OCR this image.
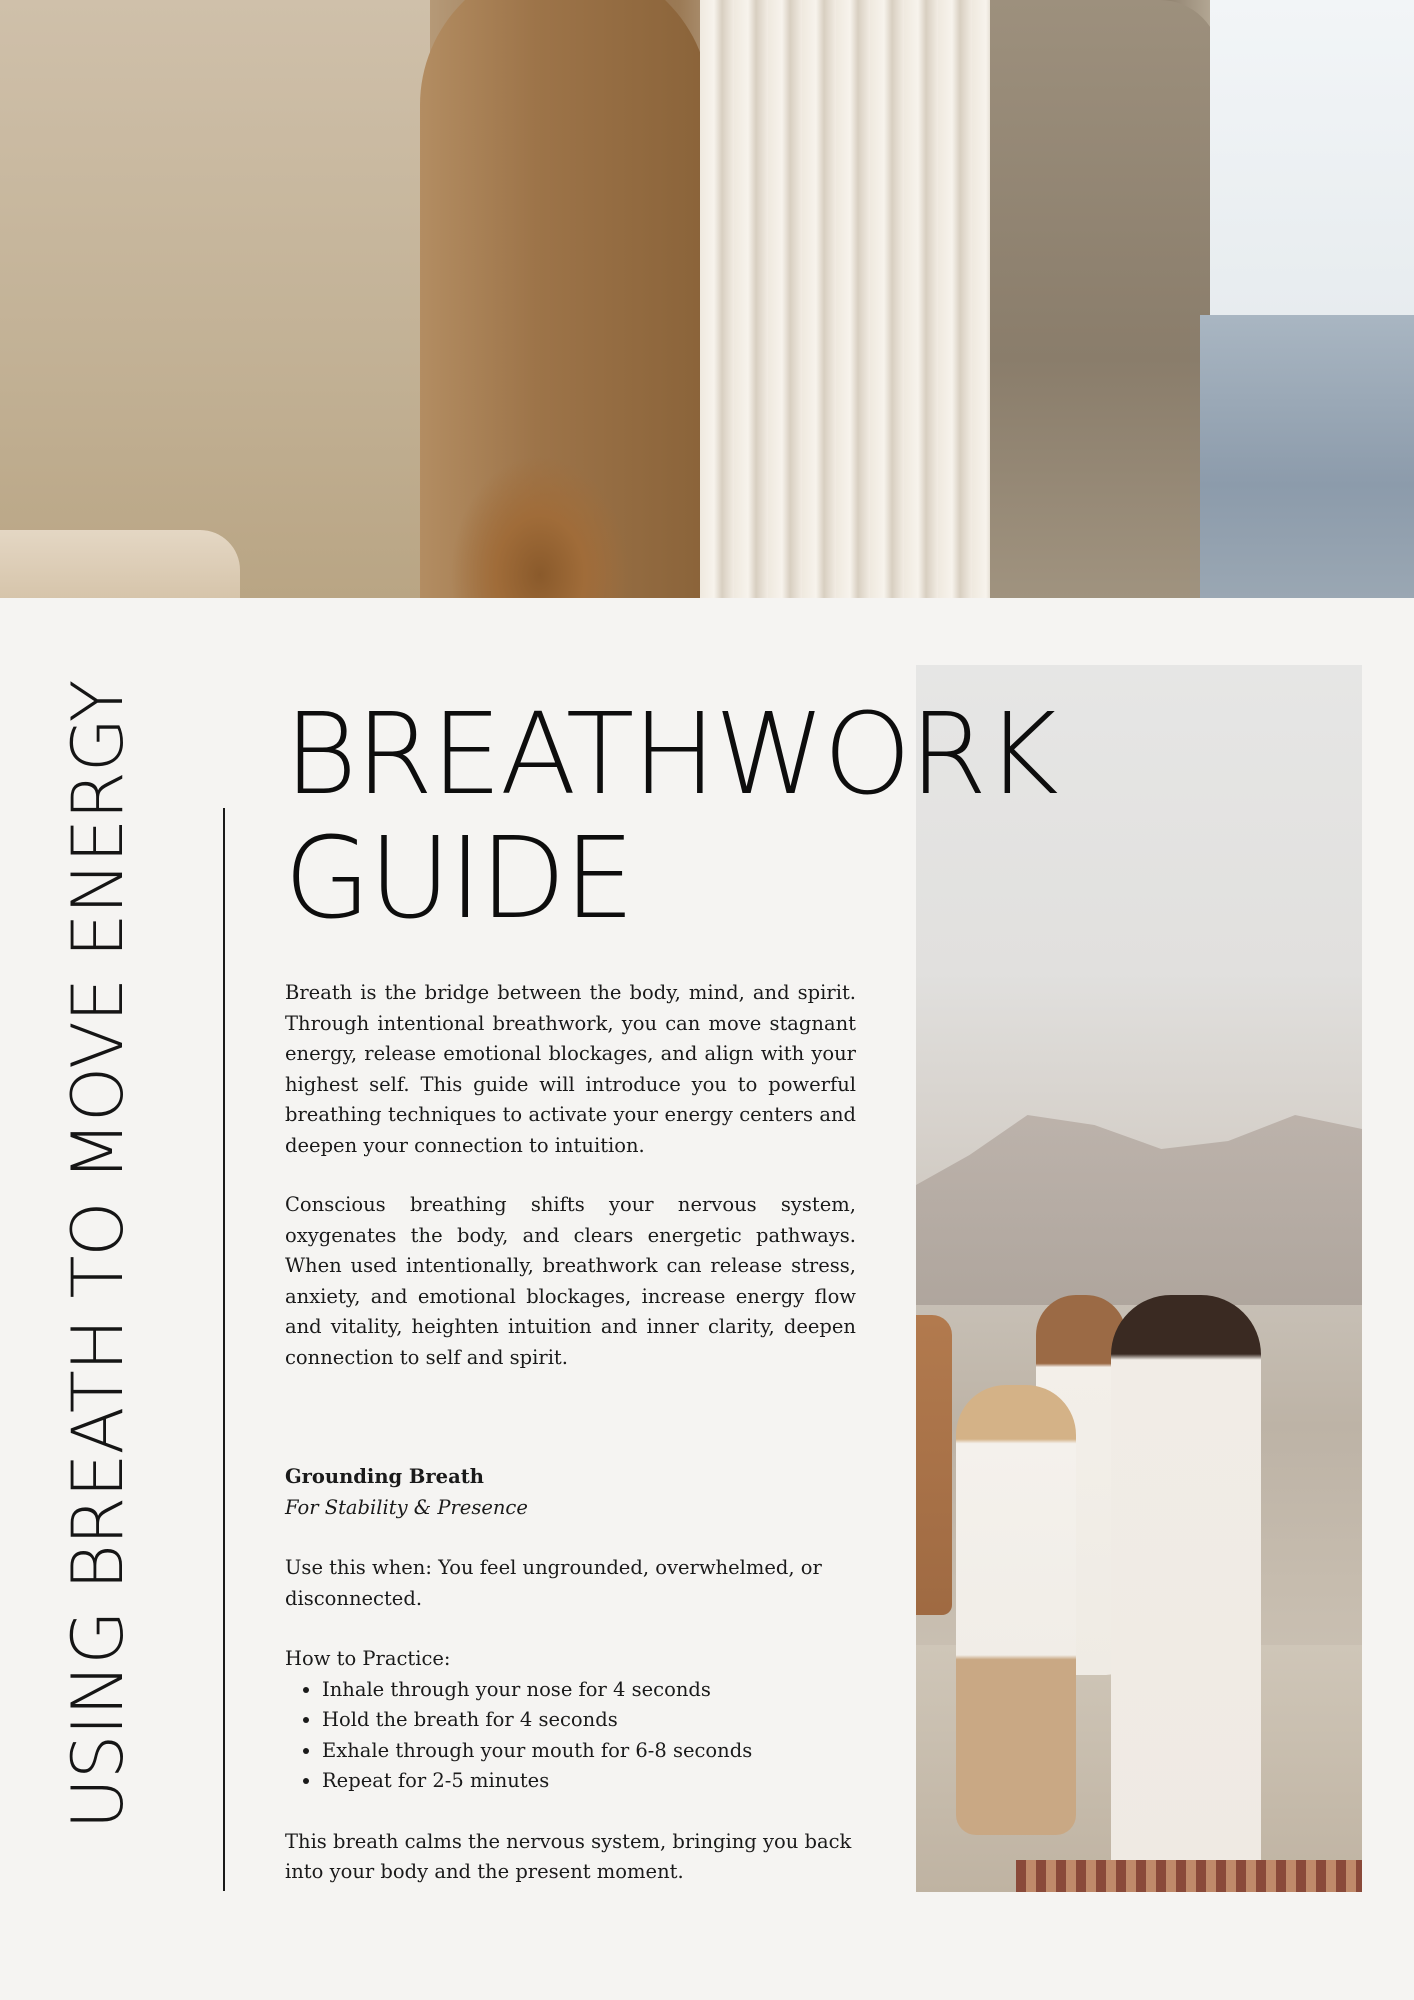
USING BREATH TO MOVE ENERGY BREATHWORK
GUIDE

Breath is the bridge between the body, mind, and spirit. Through intentional breathwork, you can move stagnant energy, release emotional blockages, and align with your highest self. This guide will introduce you to powerful breathing techniques to activate your energy centers and deepen your connection to intuition.

Conscious breathing shifts your nervous system, oxygenates the body, and clears energetic pathways. When used intentionally, breathwork can release stress, anxiety, and emotional blockages, increase energy flow and vitality, heighten intuition and inner clarity, deepen connection to self and spirit.

Grounding Breath
For Stability & Presence

Use this when: You feel ungrounded, overwhelmed, or disconnected.

How to Practice:

• Inhale through your nose for 4 seconds
• Hold the breath for 4 seconds
• Exhale through your mouth for 6-8 seconds
• Repeat for 2-5 minutes

This breath calms the nervous system, bringing you back into your body and the present moment.
